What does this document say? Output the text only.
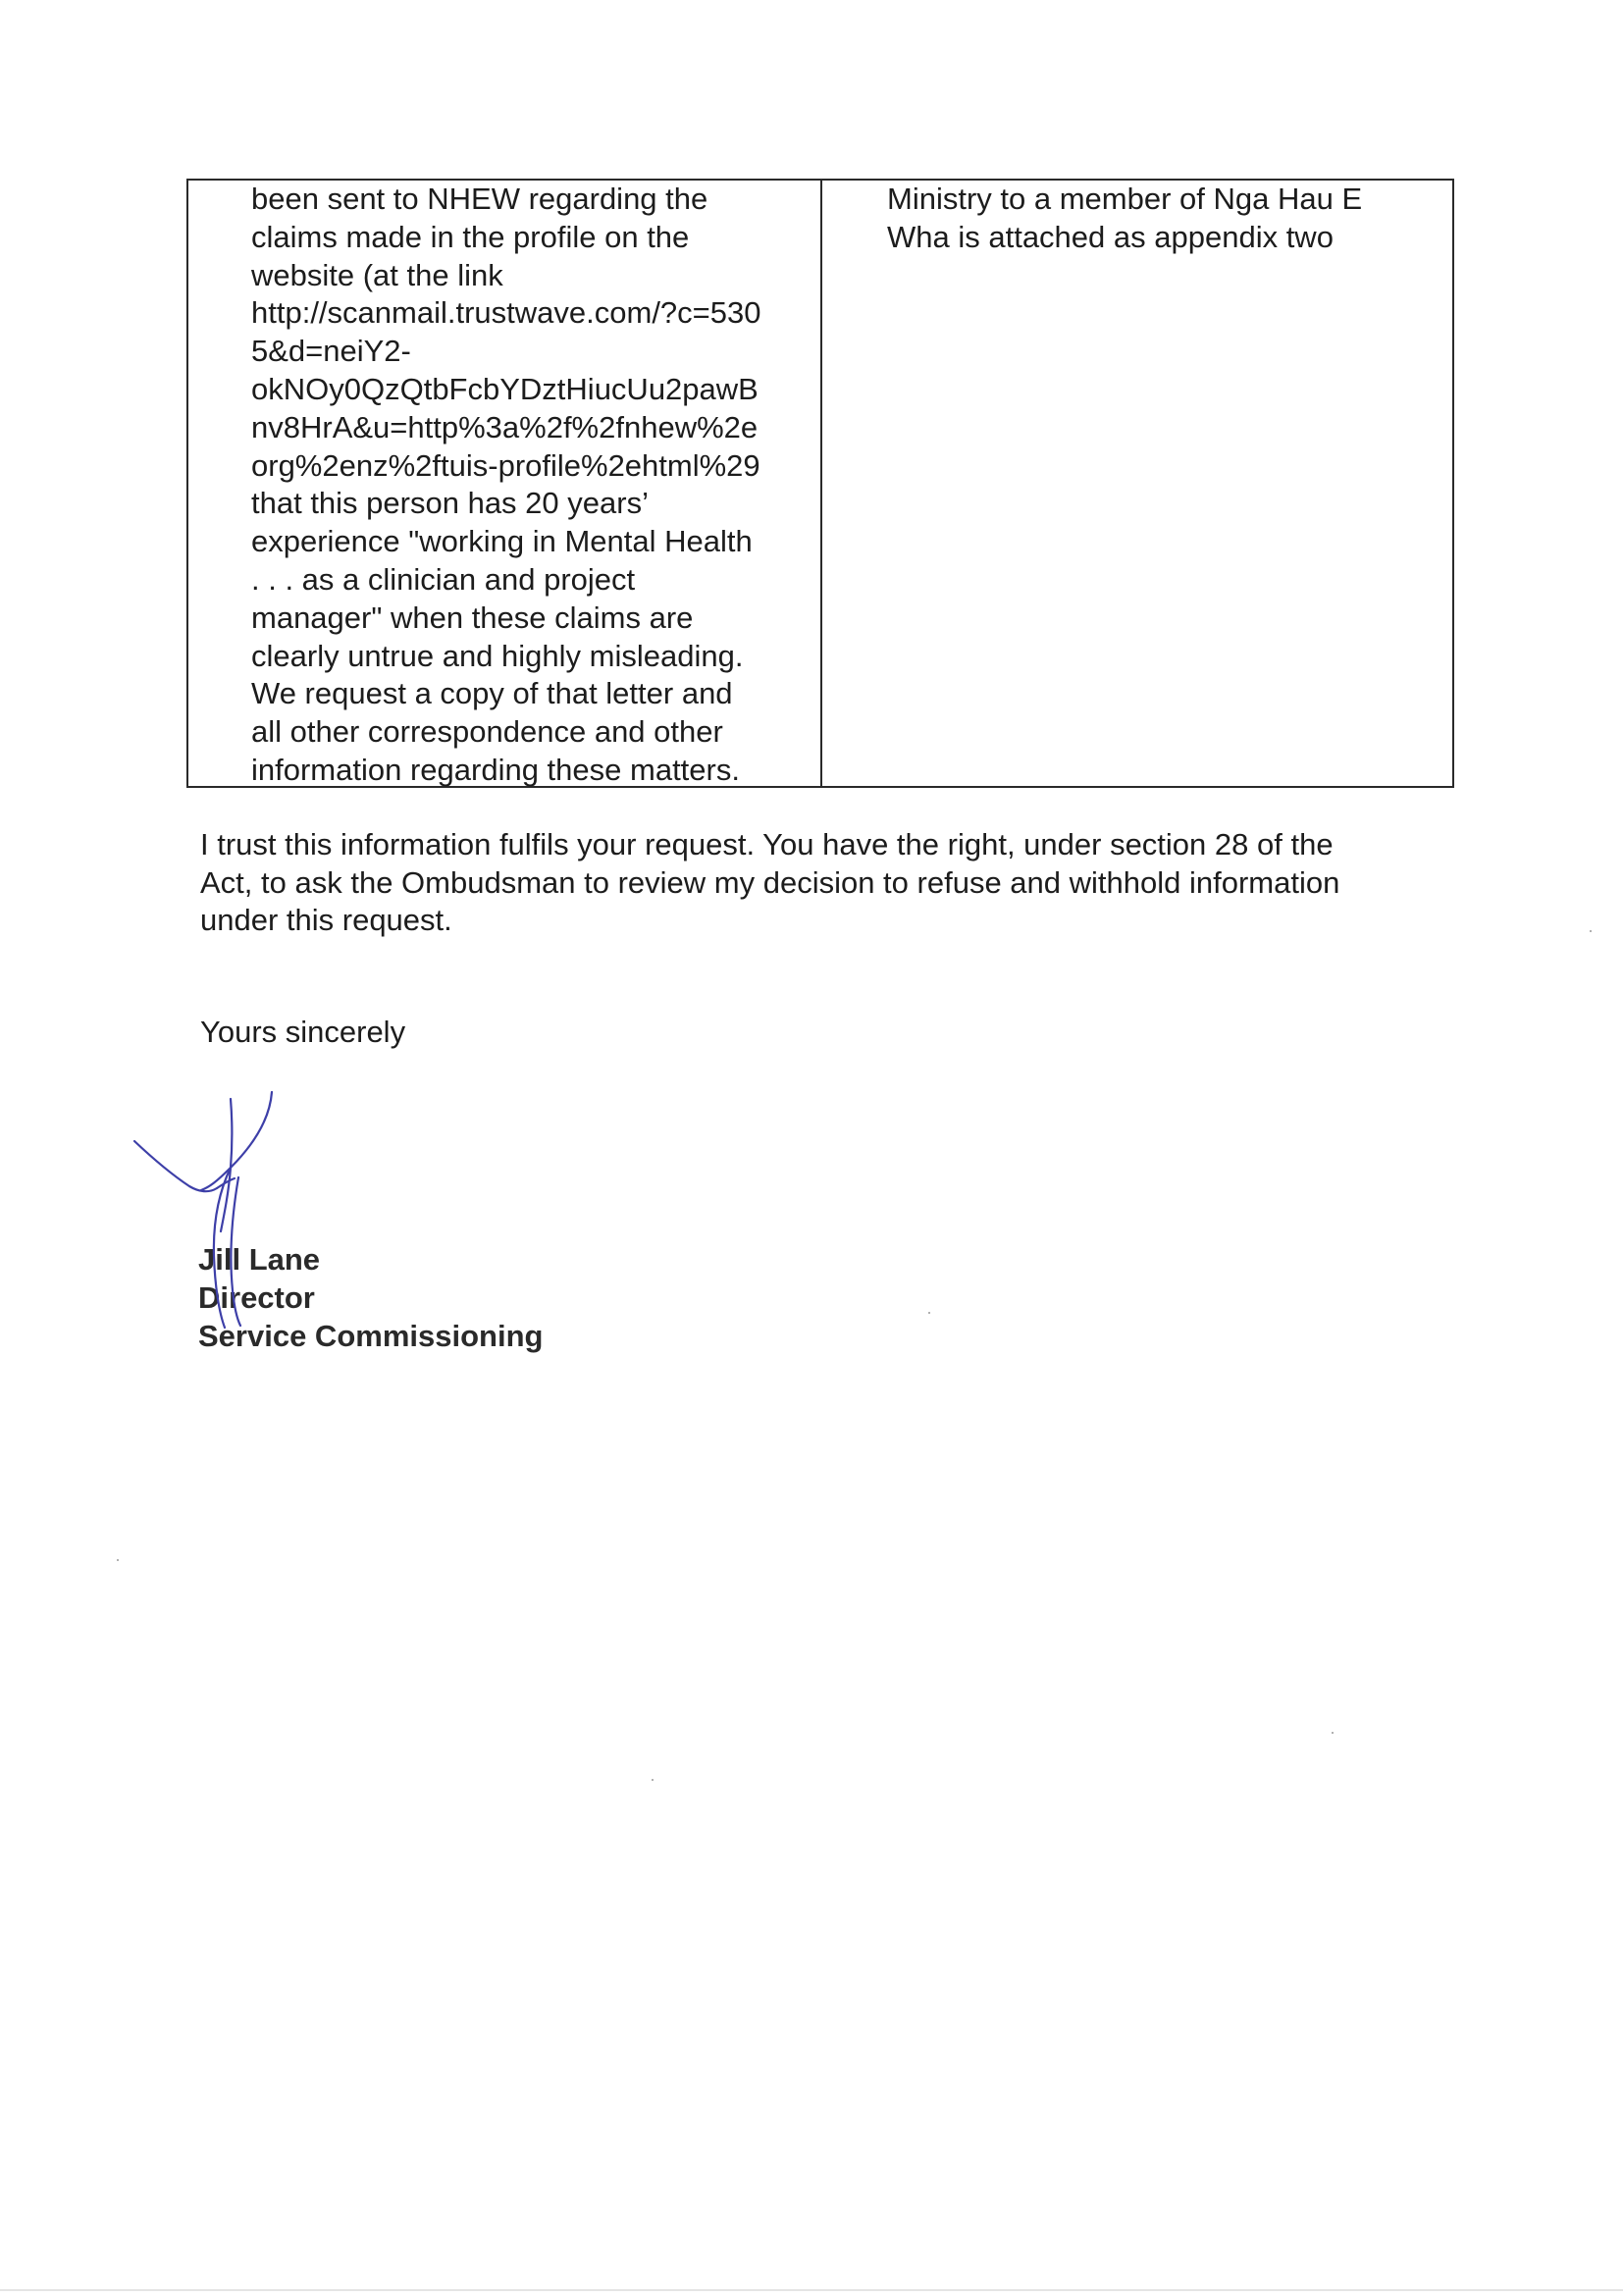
been sent to NHEW regarding the
claims made in the profile on the
website (at the link
http://scanmail.trustwave.com/?c=530
5&d=neiY2-
okNOy0QzQtbFcbYDztHiucUu2pawB
nv8HrA&u=http%3a%2f%2fnhew%2e
org%2enz%2ftuis-profile%2ehtml%29
that this person has 20 years’
experience "working in Mental Health
. . . as a clinician and project
manager" when these claims are
clearly untrue and highly misleading.
We request a copy of that letter and
all other correspondence and other
information regarding these matters.
Ministry to a member of Nga Hau E
Wha is attached as appendix two
I trust this information fulfils your request. You have the right, under section 28 of the
Act, to ask the Ombudsman to review my decision to refuse and withhold information
under this request.
Yours sincerely
Jill Lane
Director
Service Commissioning
